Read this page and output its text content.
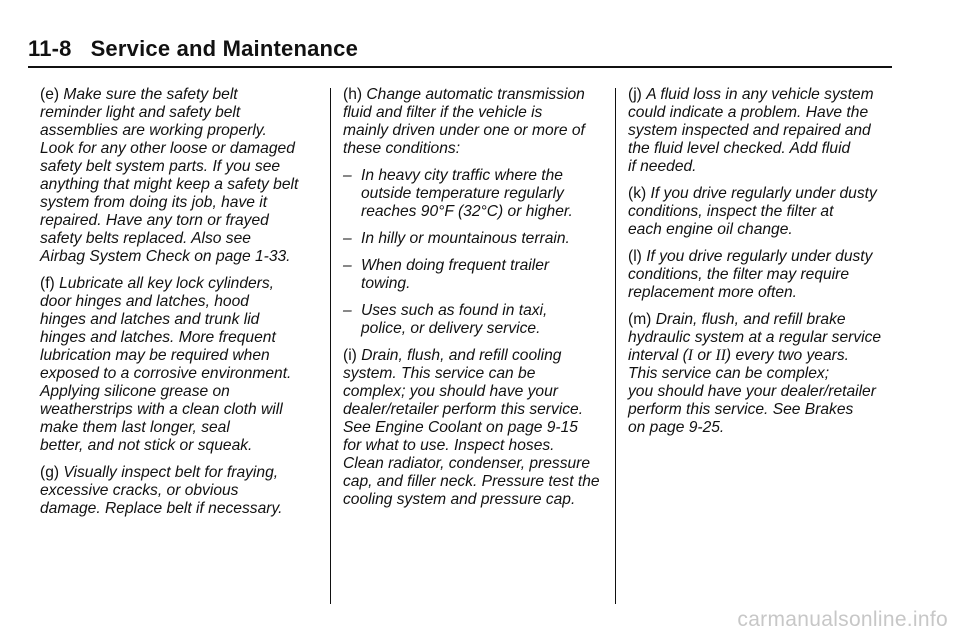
11-8 Service and Maintenance

(e) Make sure the safety belt
reminder light and safety belt
assemblies are working properly.
Look for any other loose or damaged
safety belt system parts. If you see
anything that might keep a safety belt
system from doing its job, have it
repaired. Have any torn or frayed
safety belts replaced. Also see
Airbag System Check on page 1-33.

(f) Lubricate all key lock cylinders,
door hinges and latches, hood
hinges and latches and trunk lid
hinges and latches. More frequent
lubrication may be required when
exposed to a corrosive environment.
Applying silicone grease on
weatherstrips with a clean cloth will
make them last longer, seal
better, and not stick or squeak.

(g) Visually inspect belt for fraying,
excessive cracks, or obvious
damage. Replace belt if necessary.

(h) Change automatic transmission
fluid and filter if the vehicle is
mainly driven under one or more of
these conditions:

– In heavy city traffic where the
outside temperature regularly
reaches 90°F (32°C) or higher.
– In hilly or mountainous terrain.
– When doing frequent trailer
towing.
– Uses such as found in taxi,
police, or delivery service.

(i) Drain, flush, and refill cooling
system. This service can be
complex; you should have your
dealer/retailer perform this service.
See Engine Coolant on page 9-15
for what to use. Inspect hoses.
Clean radiator, condenser, pressure
cap, and filler neck. Pressure test the
cooling system and pressure cap.

(j) A fluid loss in any vehicle system
could indicate a problem. Have the
system inspected and repaired and
the fluid level checked. Add fluid
if needed.

(k) If you drive regularly under dusty
conditions, inspect the filter at
each engine oil change.

(l) If you drive regularly under dusty
conditions, the filter may require
replacement more often.

(m) Drain, flush, and refill brake
hydraulic system at a regular service
interval (I or II) every two years.
This service can be complex;
you should have your dealer/retailer
perform this service. See Brakes
on page 9-25.

carmanualsonline.info
